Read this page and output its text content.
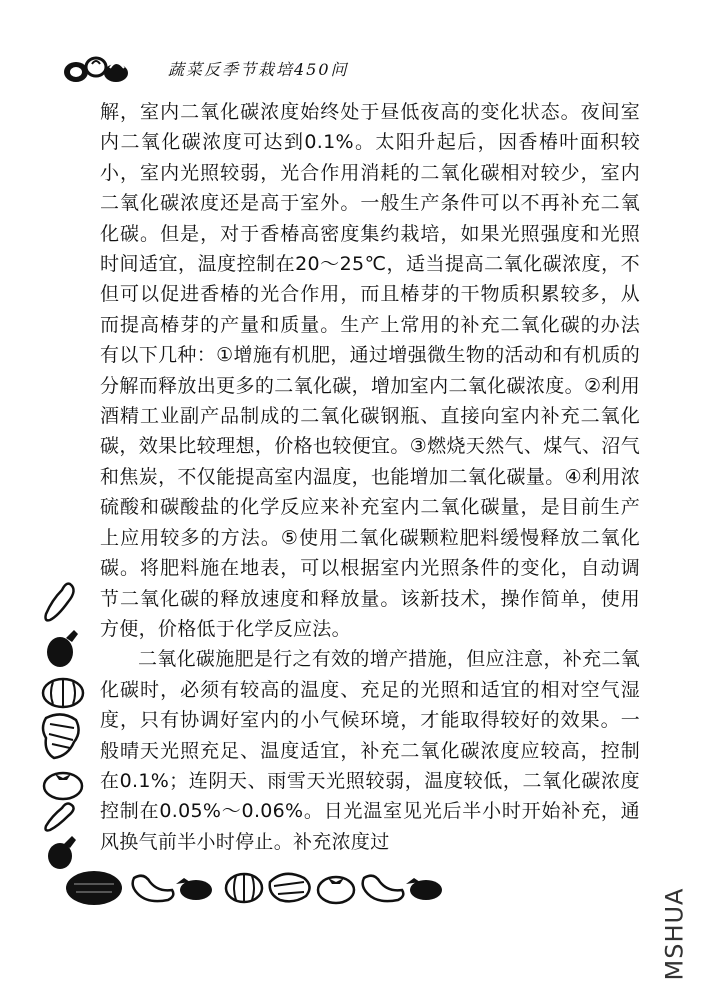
蔬菜反季节栽培450问

解，室内二氧化碳浓度始终处于昼低夜高的变化状态。夜间室内二氧化碳浓度可达到0.1%。太阳升起后，因香椿叶面积较小，室内光照较弱，光合作用消耗的二氧化碳相对较少，室内二氧化碳浓度还是高于室外。一般生产条件可以不再补充二氧化碳。但是，对于香椿高密度集约栽培，如果光照强度和光照时间适宜，温度控制在20～25℃，适当提高二氧化碳浓度，不但可以促进香椿的光合作用，而且椿芽的干物质积累较多，从而提高椿芽的产量和质量。生产上常用的补充二氧化碳的办法有以下几种：①增施有机肥，通过增强微生物的活动和有机质的分解而释放出更多的二氧化碳，增加室内二氧化碳浓度。②利用酒精工业副产品制成的二氧化碳钢瓶、直接向室内补充二氧化碳，效果比较理想，价格也较便宜。③燃烧天然气、煤气、沼气和焦炭，不仅能提高室内温度，也能增加二氧化碳量。④利用浓硫酸和碳酸盐的化学反应来补充室内二氧化碳量，是目前生产上应用较多的方法。⑤使用二氧化碳颗粒肥料缓慢释放二氧化碳。将肥料施在地表，可以根据室内光照条件的变化，自动调节二氧化碳的释放速度和释放量。该新技术，操作简单，使用方便，价格低于化学反应法。

二氧化碳施肥是行之有效的增产措施，但应注意，补充二氧化碳时，必须有较高的温度、充足的光照和适宜的相对空气湿度，只有协调好室内的小气候环境，才能取得较好的效果。一般晴天光照充足、温度适宜，补充二氧化碳浓度应较高，控制在0.1%；连阴天、雨雪天光照较弱，温度较低，二氧化碳浓度控制在0.05%～0.06%。日光温室见光后半小时开始补充，通风换气前半小时停止。补充浓度过

MSHUA
